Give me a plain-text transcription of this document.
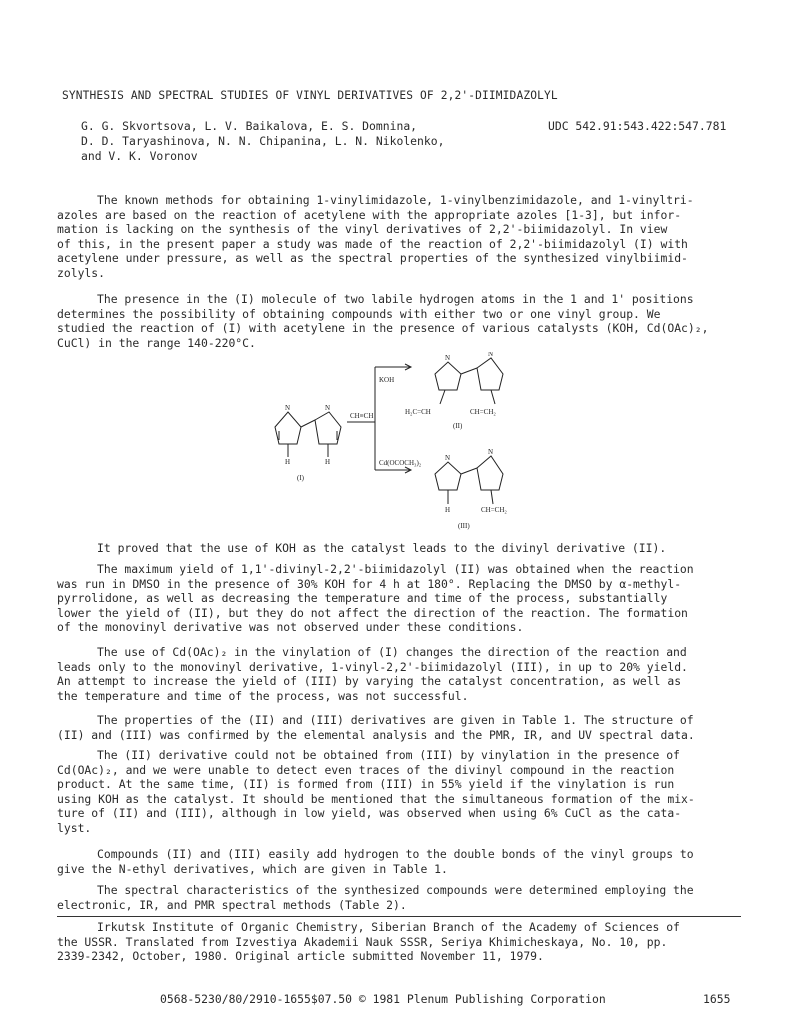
SYNTHESIS AND SPECTRAL STUDIES OF VINYL DERIVATIVES OF 2,2'-DIIMIDAZOLYL
G. G. Skvortsova, L. V. Baikalova, E. S. Domnina,
D. D. Taryashinova, N. N. Chipanina, L. N. Nikolenko,
and V. K. Voronov
UDC 542.91:543.422:547.781
The known methods for obtaining 1-vinylimidazole, 1-vinylbenzimidazole, and 1-vinyltri-
azoles are based on the reaction of acetylene with the appropriate azoles [1-3], but infor-
mation is lacking on the synthesis of the vinyl derivatives of 2,2'-biimidazolyl. In view
of this, in the present paper a study was made of the reaction of 2,2'-biimidazolyl (I) with
acetylene under pressure, as well as the spectral properties of the synthesized vinylbiimid-
zolyls.
The presence in the (I) molecule of two labile hydrogen atoms in the 1 and 1' positions
determines the possibility of obtaining compounds with either two or one vinyl group. We
studied the reaction of (I) with acetylene in the presence of various catalysts (KOH, Cd(OAc)₂,
CuCl) in the range 140-220°C.
N	N
H	H
(I)
CH≡CH
KOH
Cd(OCOCH₃)₂
N	N
H₂C=CH	CH=CH₂
(II)
N
N
H	CH=CH₂
(III)
It proved that the use of KOH as the catalyst leads to the divinyl derivative (II).
The maximum yield of 1,1'-divinyl-2,2'-biimidazolyl (II) was obtained when the reaction
was run in DMSO in the presence of 30% KOH for 4 h at 180°. Replacing the DMSO by α-methyl-
pyrrolidone, as well as decreasing the temperature and time of the process, substantially
lower the yield of (II), but they do not affect the direction of the reaction. The formation
of the monovinyl derivative was not observed under these conditions.
The use of Cd(OAc)₂ in the vinylation of (I) changes the direction of the reaction and
leads only to the monovinyl derivative, 1-vinyl-2,2'-biimidazolyl (III), in up to 20% yield.
An attempt to increase the yield of (III) by varying the catalyst concentration, as well as
the temperature and time of the process, was not successful.
The properties of the (II) and (III) derivatives are given in Table 1. The structure of
(II) and (III) was confirmed by the elemental analysis and the PMR, IR, and UV spectral data.
The (II) derivative could not be obtained from (III) by vinylation in the presence of
Cd(OAc)₂, and we were unable to detect even traces of the divinyl compound in the reaction
product. At the same time, (II) is formed from (III) in 55% yield if the vinylation is run
using KOH as the catalyst. It should be mentioned that the simultaneous formation of the mix-
ture of (II) and (III), although in low yield, was observed when using 6% CuCl as the cata-
lyst.
Compounds (II) and (III) easily add hydrogen to the double bonds of the vinyl groups to
give the N-ethyl derivatives, which are given in Table 1.
The spectral characteristics of the synthesized compounds were determined employing the
electronic, IR, and PMR spectral methods (Table 2).
Irkutsk Institute of Organic Chemistry, Siberian Branch of the Academy of Sciences of
the USSR. Translated from Izvestiya Akademii Nauk SSSR, Seriya Khimicheskaya, No. 10, pp.
2339-2342, October, 1980. Original article submitted November 11, 1979.
0568-5230/80/2910-1655$07.50 © 1981 Plenum Publishing Corporation	1655
